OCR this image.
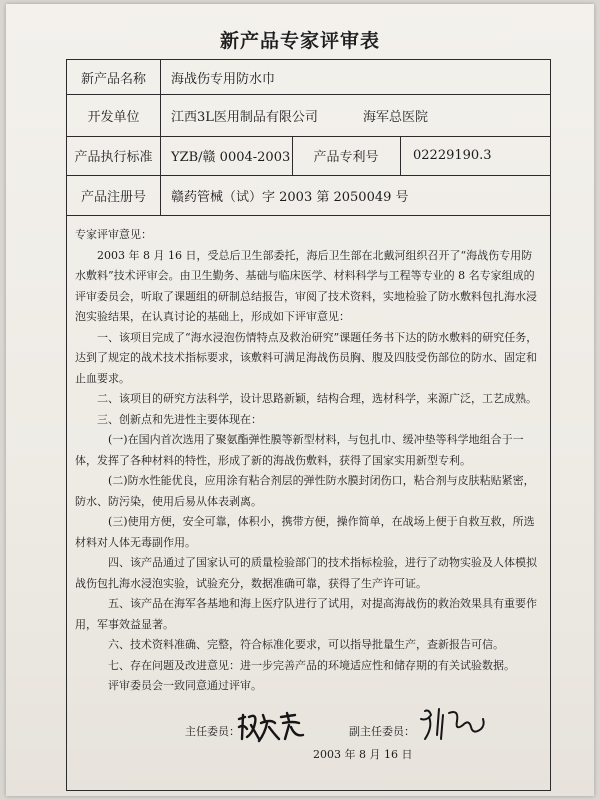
新产品专家评审表
新产品名称	海战伤专用防水巾
开发单位	江西3L医用制品有限公司	海军总医院
产品执行标准	YZB/赣 0004-2003	产品专利号	02229190.3
产品注册号	赣药管械（试）字 2003 第 2050049 号

专家评审意见：

2003 年 8 月 16 日，受总后卫生部委托，海后卫生部在北戴河组织召开了“海战伤专用防水敷料”技术评审会。由卫生勤务、基础与临床医学、材料科学与工程等专业的 8 名专家组成的评审委员会，听取了课题组的研制总结报告，审阅了技术资料，实地检验了防水敷料包扎海水浸泡实验结果，在认真讨论的基础上，形成如下评审意见：

一、该项目完成了“海水浸泡伤情特点及救治研究”课题任务书下达的防水敷料的研究任务，达到了规定的战术技术指标要求，该敷料可满足海战伤员胸、腹及四肢受伤部位的防水、固定和止血要求。

二、该项目的研究方法科学，设计思路新颖，结构合理，选材科学，来源广泛，工艺成熟。

三、创新点和先进性主要体现在：

(一)在国内首次选用了聚氨酯弹性膜等新型材料，与包扎巾、缓冲垫等科学地组合于一体，发挥了各种材料的特性，形成了新的海战伤敷料，获得了国家实用新型专利。

(二)防水性能优良，应用涂有粘合剂层的弹性防水膜封闭伤口，粘合剂与皮肤粘贴紧密，防水、防污染，使用后易从体表剥离。

(三)使用方便，安全可靠，体积小，携带方便，操作简单，在战场上便于自救互救，所选材料对人体无毒副作用。

四、该产品通过了国家认可的质量检验部门的技术指标检验，进行了动物实验及人体模拟战伤包扎海水浸泡实验，试验充分，数据准确可靠，获得了生产许可证。

五、该产品在海军各基地和海上医疗队进行了试用，对提高海战伤的救治效果具有重要作用，军事效益显著。

六、技术资料准确、完整，符合标准化要求，可以指导批量生产，查新报告可信。

七、存在问题及改进意见：进一步完善产品的环境适应性和储存期的有关试验数据。

评审委员会一致同意通过评审。

主任委员：	副主任委员：
2003 年 8 月 16 日
